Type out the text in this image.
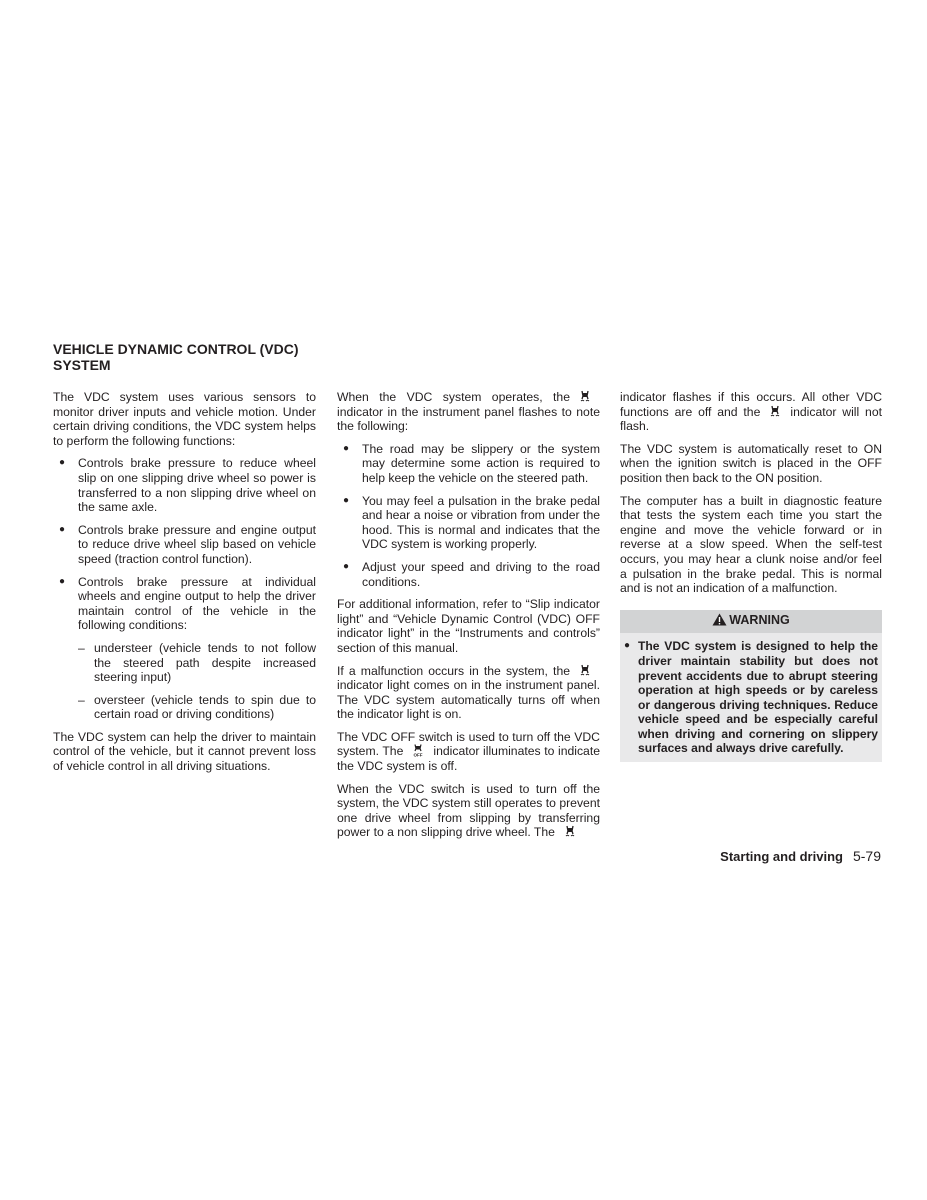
VEHICLE DYNAMIC CONTROL (VDC) SYSTEM

The VDC system uses various sensors to monitor driver inputs and vehicle motion. Under certain driving conditions, the VDC system helps to perform the following functions:

● Controls brake pressure to reduce wheel slip on one slipping drive wheel so power is transferred to a non slipping drive wheel on the same axle.
● Controls brake pressure and engine output to reduce drive wheel slip based on vehicle speed (traction control function).
● Controls brake pressure at individual wheels and engine output to help the driver maintain control of the vehicle in the following conditions:
– understeer (vehicle tends to not follow the steered path despite increased steering input)
– oversteer (vehicle tends to spin due to certain road or driving conditions)

The VDC system can help the driver to maintain control of the vehicle, but it cannot prevent loss of vehicle control in all driving situations.

When the VDC system operates, the
indicator in the instrument panel flashes to note the following:

● The road may be slippery or the system may determine some action is required to help keep the vehicle on the steered path.
● You may feel a pulsation in the brake pedal and hear a noise or vibration from under the hood. This is normal and indicates that the VDC system is working properly.
● Adjust your speed and driving to the road conditions.

For additional information, refer to “Slip indicator light” and “Vehicle Dynamic Control (VDC) OFF indicator light” in the “Instruments and controls” section of this manual.

If a malfunction occurs in the system, the
indicator light comes on in the instrument panel. The VDC system automatically turns off when the indicator light is on.

The VDC OFF switch is used to turn off the VDC system. The OFF indicator illuminates to indicate the VDC system is off.

When the VDC switch is used to turn off the system, the VDC system still operates to prevent one drive wheel from slipping by transferring power to a non slipping drive wheel. The

indicator flashes if this occurs. All other VDC functions are off and the indicator will not flash.

The VDC system is automatically reset to ON when the ignition switch is placed in the OFF position then back to the ON position.

The computer has a built in diagnostic feature that tests the system each time you start the engine and move the vehicle forward or in reverse at a slow speed. When the self-test occurs, you may hear a clunk noise and/or feel a pulsation in the brake pedal. This is normal and is not an indication of a malfunction.

WARNING
● The VDC system is designed to help the driver maintain stability but does not prevent accidents due to abrupt steering operation at high speeds or by careless or dangerous driving techniques. Reduce vehicle speed and be especially careful when driving and cornering on slippery surfaces and always drive carefully.
Starting and driving 5-79
